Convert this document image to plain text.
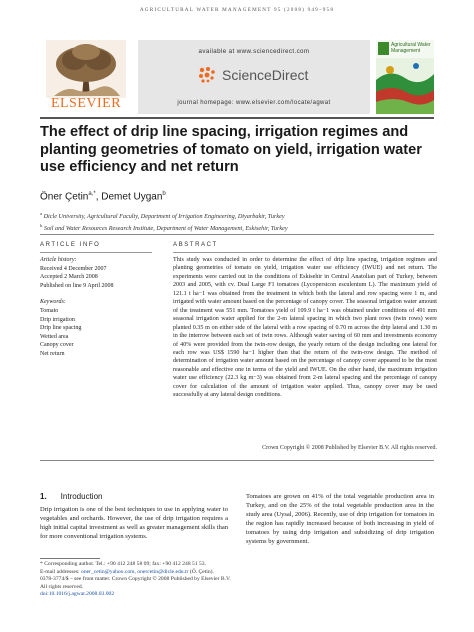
AGRICULTURAL WATER MANAGEMENT 95 (2008) 949–958
ELSEVIER
available at www.sciencedirect.com
ScienceDirect
journal homepage: www.elsevier.com/locate/agwat
Agricultural Water Management
The effect of drip line spacing, irrigation regimes and planting geometries of tomato on yield, irrigation water use efficiency and net return
Öner Çetin$^{a,*}$, Demet Uygan$^b$
$^a$ Dicle University, Agricultural Faculty, Department of Irrigation Engineering, Diyarbakir, Turkey
$^b$ Soil and Water Resources Research Institute, Department of Water Management, Eskisehir, Turkey
ARTICLE INFO
Article history:
Received 4 December 2007
Accepted 2 March 2008
Published on line 9 April 2008
Keywords:
Tomato
Drip irrigation
Drip line spacing
Wetted area
Canopy cover
Net return
ABSTRACT

This study was conducted in order to determine the effect of drip line spacing, irrigation regimes and planting geometries of tomato on yield, irrigation water use efficiency (IWUE) and net return. The experiments were carried out in the conditions of Eskisehir in Central Anatolian part of Turkey, between 2003 and 2005, with cv. Dual Large F1 tomatoes (Lycopersicon esculentum L). The maximum yield of 121.1 t ha−1 was obtained from the treatment in which both the lateral and row spacing were 1 m, and irrigated with water amount based on the percentage of canopy cover. The seasonal irrigation water amount of the treatment was 551 mm. Tomatoes yield of 109.9 t ha−1 was obtained under conditions of 491 mm seasonal irrigation water applied for the 2-m lateral spacing in which two plant rows (twin rows) were planted 0.35 m on either side of the lateral with a row spacing of 0.70 m across the drip lateral and 1.30 m in the interrow between each set of twin rows. Although water saving of 60 mm and investments economy of 40% were provided from the twin-row design, the yearly return of the design including one lateral for each row was US$ 1590 ha−1 higher than that the return of the twin-row design. The method of determination of irrigation water amount based on the percentage of canopy cover appeared to be the most reasonable and effective one in terms of the yield and IWUE. On the other hand, the maximum irrigation water use efficiency (22.3 kg m−3) was obtained from 2-m lateral spacing and the percentage of canopy cover for calculation of the amount of irrigation water applied. Thus, canopy cover may be used successfully at any lateral design conditions.

Crown Copyright © 2008 Published by Elsevier B.V. All rights reserved.
1. Introduction

Drip irrigation is one of the best techniques to use in applying water to vegetables and orchards. However, the use of drip irrigation requires a high initial capital investment as well as greater management skills than for more conventional irrigation systems.

Tomatoes are grown on 41% of the total vegetable production area in Turkey, and on the 25% of the total vegetable production area in the study area (Uysal, 2006). Recently, use of drip irrigation for tomatoes in the region has rapidly increased because of both increasing in yield of tomatoes by using drip irrigation and subsidizing of drip irrigation systems by government.

* Corresponding author. Tel.: +90 412 248 58 09; fax: +90 412 248 51 53.
E-mail addresses: oner_cetin@yahoo.com, onercetin@dicle.edu.tr (Ö. Çetin).
0378-3774/$ – see front matter. Crown Copyright © 2008 Published by Elsevier B.V. All rights reserved.
doi:10.1016/j.agwat.2008.03.002
